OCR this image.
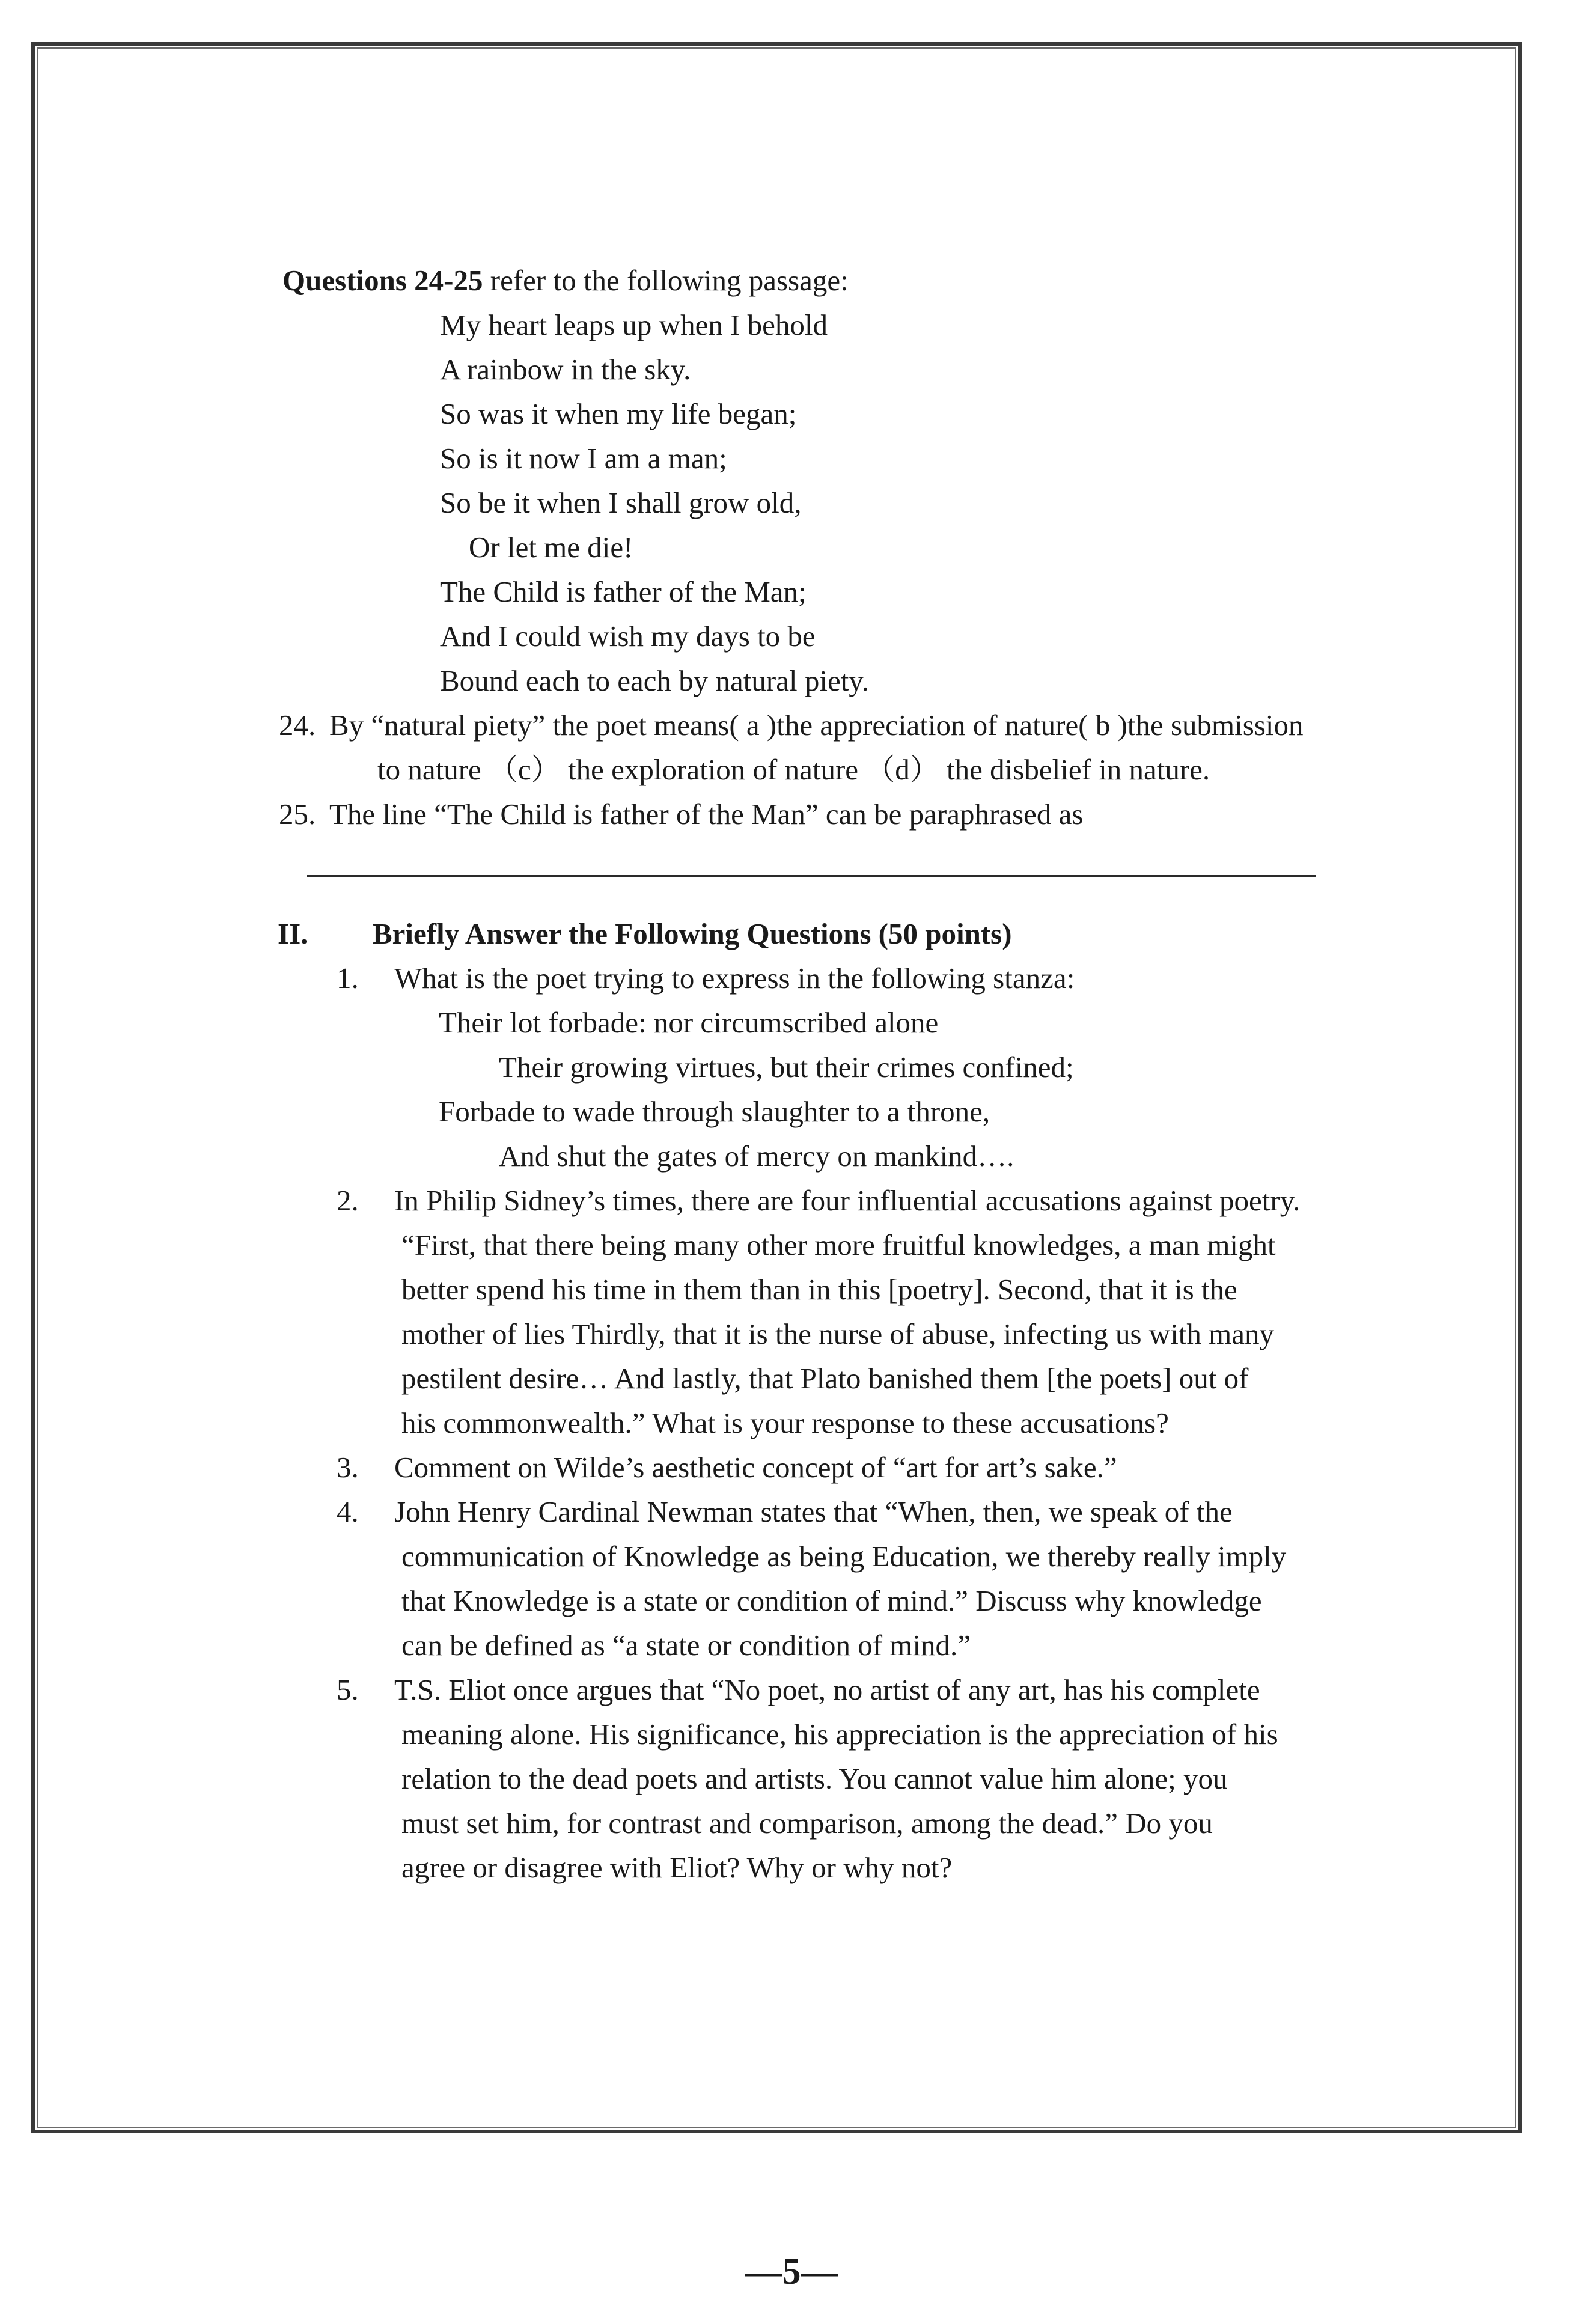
Questions 24-25 refer to the following passage:
My heart leaps up when I behold
A rainbow in the sky.
So was it when my life began;
So is it now I am a man;
So be it when I shall grow old,
Or let me die!
The Child is father of the Man;
And I could wish my days to be
Bound each to each by natural piety.
24. By “natural piety” the poet means( a )the appreciation of nature( b )the submission
to nature （c） the exploration of nature （d） the disbelief in nature.
25. The line “The Child is father of the Man” can be paraphrased as
II. Briefly Answer the Following Questions (50 points)
1. What is the poet trying to express in the following stanza:
Their lot forbade: nor circumscribed alone
Their growing virtues, but their crimes confined;
Forbade to wade through slaughter to a throne,
And shut the gates of mercy on mankind….
2. In Philip Sidney’s times, there are four influential accusations against poetry.
“First, that there being many other more fruitful knowledges, a man might
better spend his time in them than in this [poetry]. Second, that it is the
mother of lies Thirdly, that it is the nurse of abuse, infecting us with many
pestilent desire… And lastly, that Plato banished them [the poets] out of
his commonwealth.” What is your response to these accusations?
3. Comment on Wilde’s aesthetic concept of “art for art’s sake.”
4. John Henry Cardinal Newman states that “When, then, we speak of the
communication of Knowledge as being Education, we thereby really imply
that Knowledge is a state or condition of mind.” Discuss why knowledge
can be defined as “a state or condition of mind.”
5. T.S. Eliot once argues that “No poet, no artist of any art, has his complete
meaning alone. His significance, his appreciation is the appreciation of his
relation to the dead poets and artists. You cannot value him alone; you
must set him, for contrast and comparison, among the dead.” Do you
agree or disagree with Eliot? Why or why not?
—5—
